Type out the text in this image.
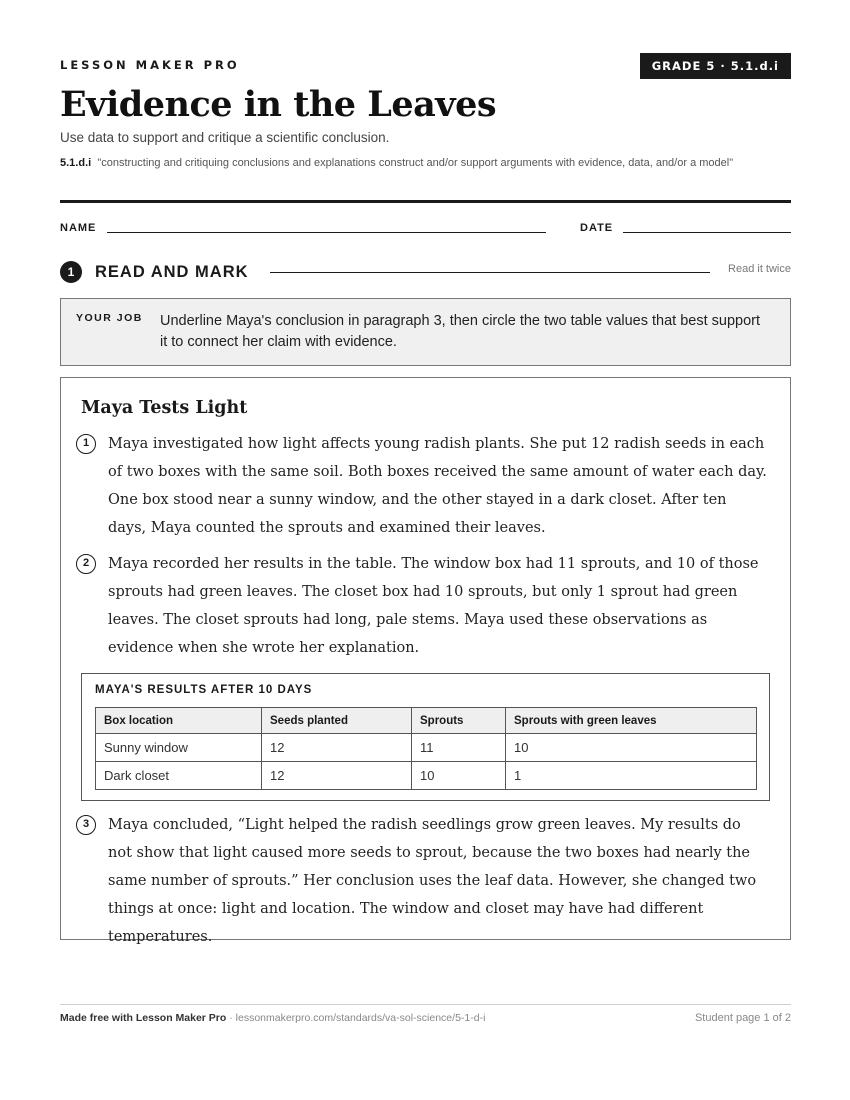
LESSON MAKER PRO	GRADE 5 · 5.1.d.i
Evidence in the Leaves
Use data to support and critique a scientific conclusion.
5.1.d.i "constructing and critiquing conclusions and explanations construct and/or support arguments with evidence, data, and/or a model"
NAME	DATE
1	READ AND MARK	Read it twice
YOUR JOB Underline Maya's conclusion in paragraph 3, then circle the two table values that best support it to connect her claim with evidence.
Maya Tests Light
1	Maya investigated how light affects young radish plants. She put 12 radish seeds in each of two boxes with the same soil. Both boxes received the same amount of water each day. One box stood near a sunny window, and the other stayed in a dark closet. After ten days, Maya counted the sprouts and examined their leaves.
2	Maya recorded her results in the table. The window box had 11 sprouts, and 10 of those sprouts had green leaves. The closet box had 10 sprouts, but only 1 sprout had green leaves. The closet sprouts had long, pale stems. Maya used these observations as evidence when she wrote her explanation.
MAYA'S RESULTS AFTER 10 DAYS
Box location	Seeds planted	Sprouts	Sprouts with green leaves
Sunny window	12	11	10
Dark closet	12	10	1
3	Maya concluded, “Light helped the radish seedlings grow green leaves. My results do not show that light caused more seeds to sprout, because the two boxes had nearly the same number of sprouts.” Her conclusion uses the leaf data. However, she changed two things at once: light and location. The window and closet may have had different temperatures.
Made free with Lesson Maker Pro · lessonmakerpro.com/standards/va-sol-science/5-1-d-i	Student page 1 of 2
